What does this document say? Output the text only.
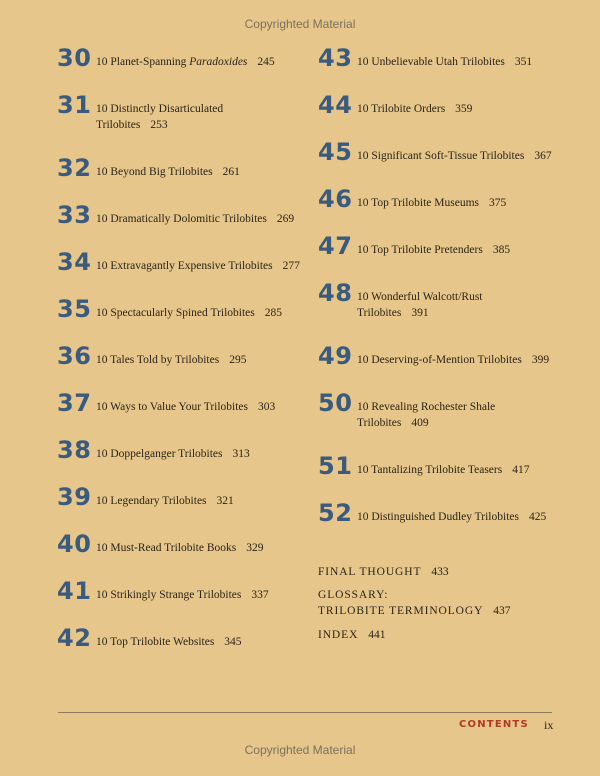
Copyrighted Material
30 10 Planet-Spanning Paradoxides 245
31 10 Distinctly Disarticulated
Trilobites 253
32 10 Beyond Big Trilobites 261
33 10 Dramatically Dolomitic Trilobites 269
34 10 Extravagantly Expensive Trilobites 277
35 10 Spectacularly Spined Trilobites 285
36 10 Tales Told by Trilobites 295
37 10 Ways to Value Your Trilobites 303
38 10 Doppelganger Trilobites 313
39 10 Legendary Trilobites 321
40 10 Must-Read Trilobite Books 329
41 10 Strikingly Strange Trilobites 337
42 10 Top Trilobite Websites 345
43 10 Unbelievable Utah Trilobites 351
44 10 Trilobite Orders 359
45 10 Significant Soft-Tissue Trilobites 367
46 10 Top Trilobite Museums 375
47 10 Top Trilobite Pretenders 385
48 10 Wonderful Walcott/Rust
Trilobites 391
49 10 Deserving-of-Mention Trilobites 399
50 10 Revealing Rochester Shale
Trilobites 409
51 10 Tantalizing Trilobite Teasers 417
52 10 Distinguished Dudley Trilobites 425
FINAL THOUGHT 433
GLOSSARY:
TRILOBITE TERMINOLOGY 437
INDEX 441
CONTENTS ix
Copyrighted Material
